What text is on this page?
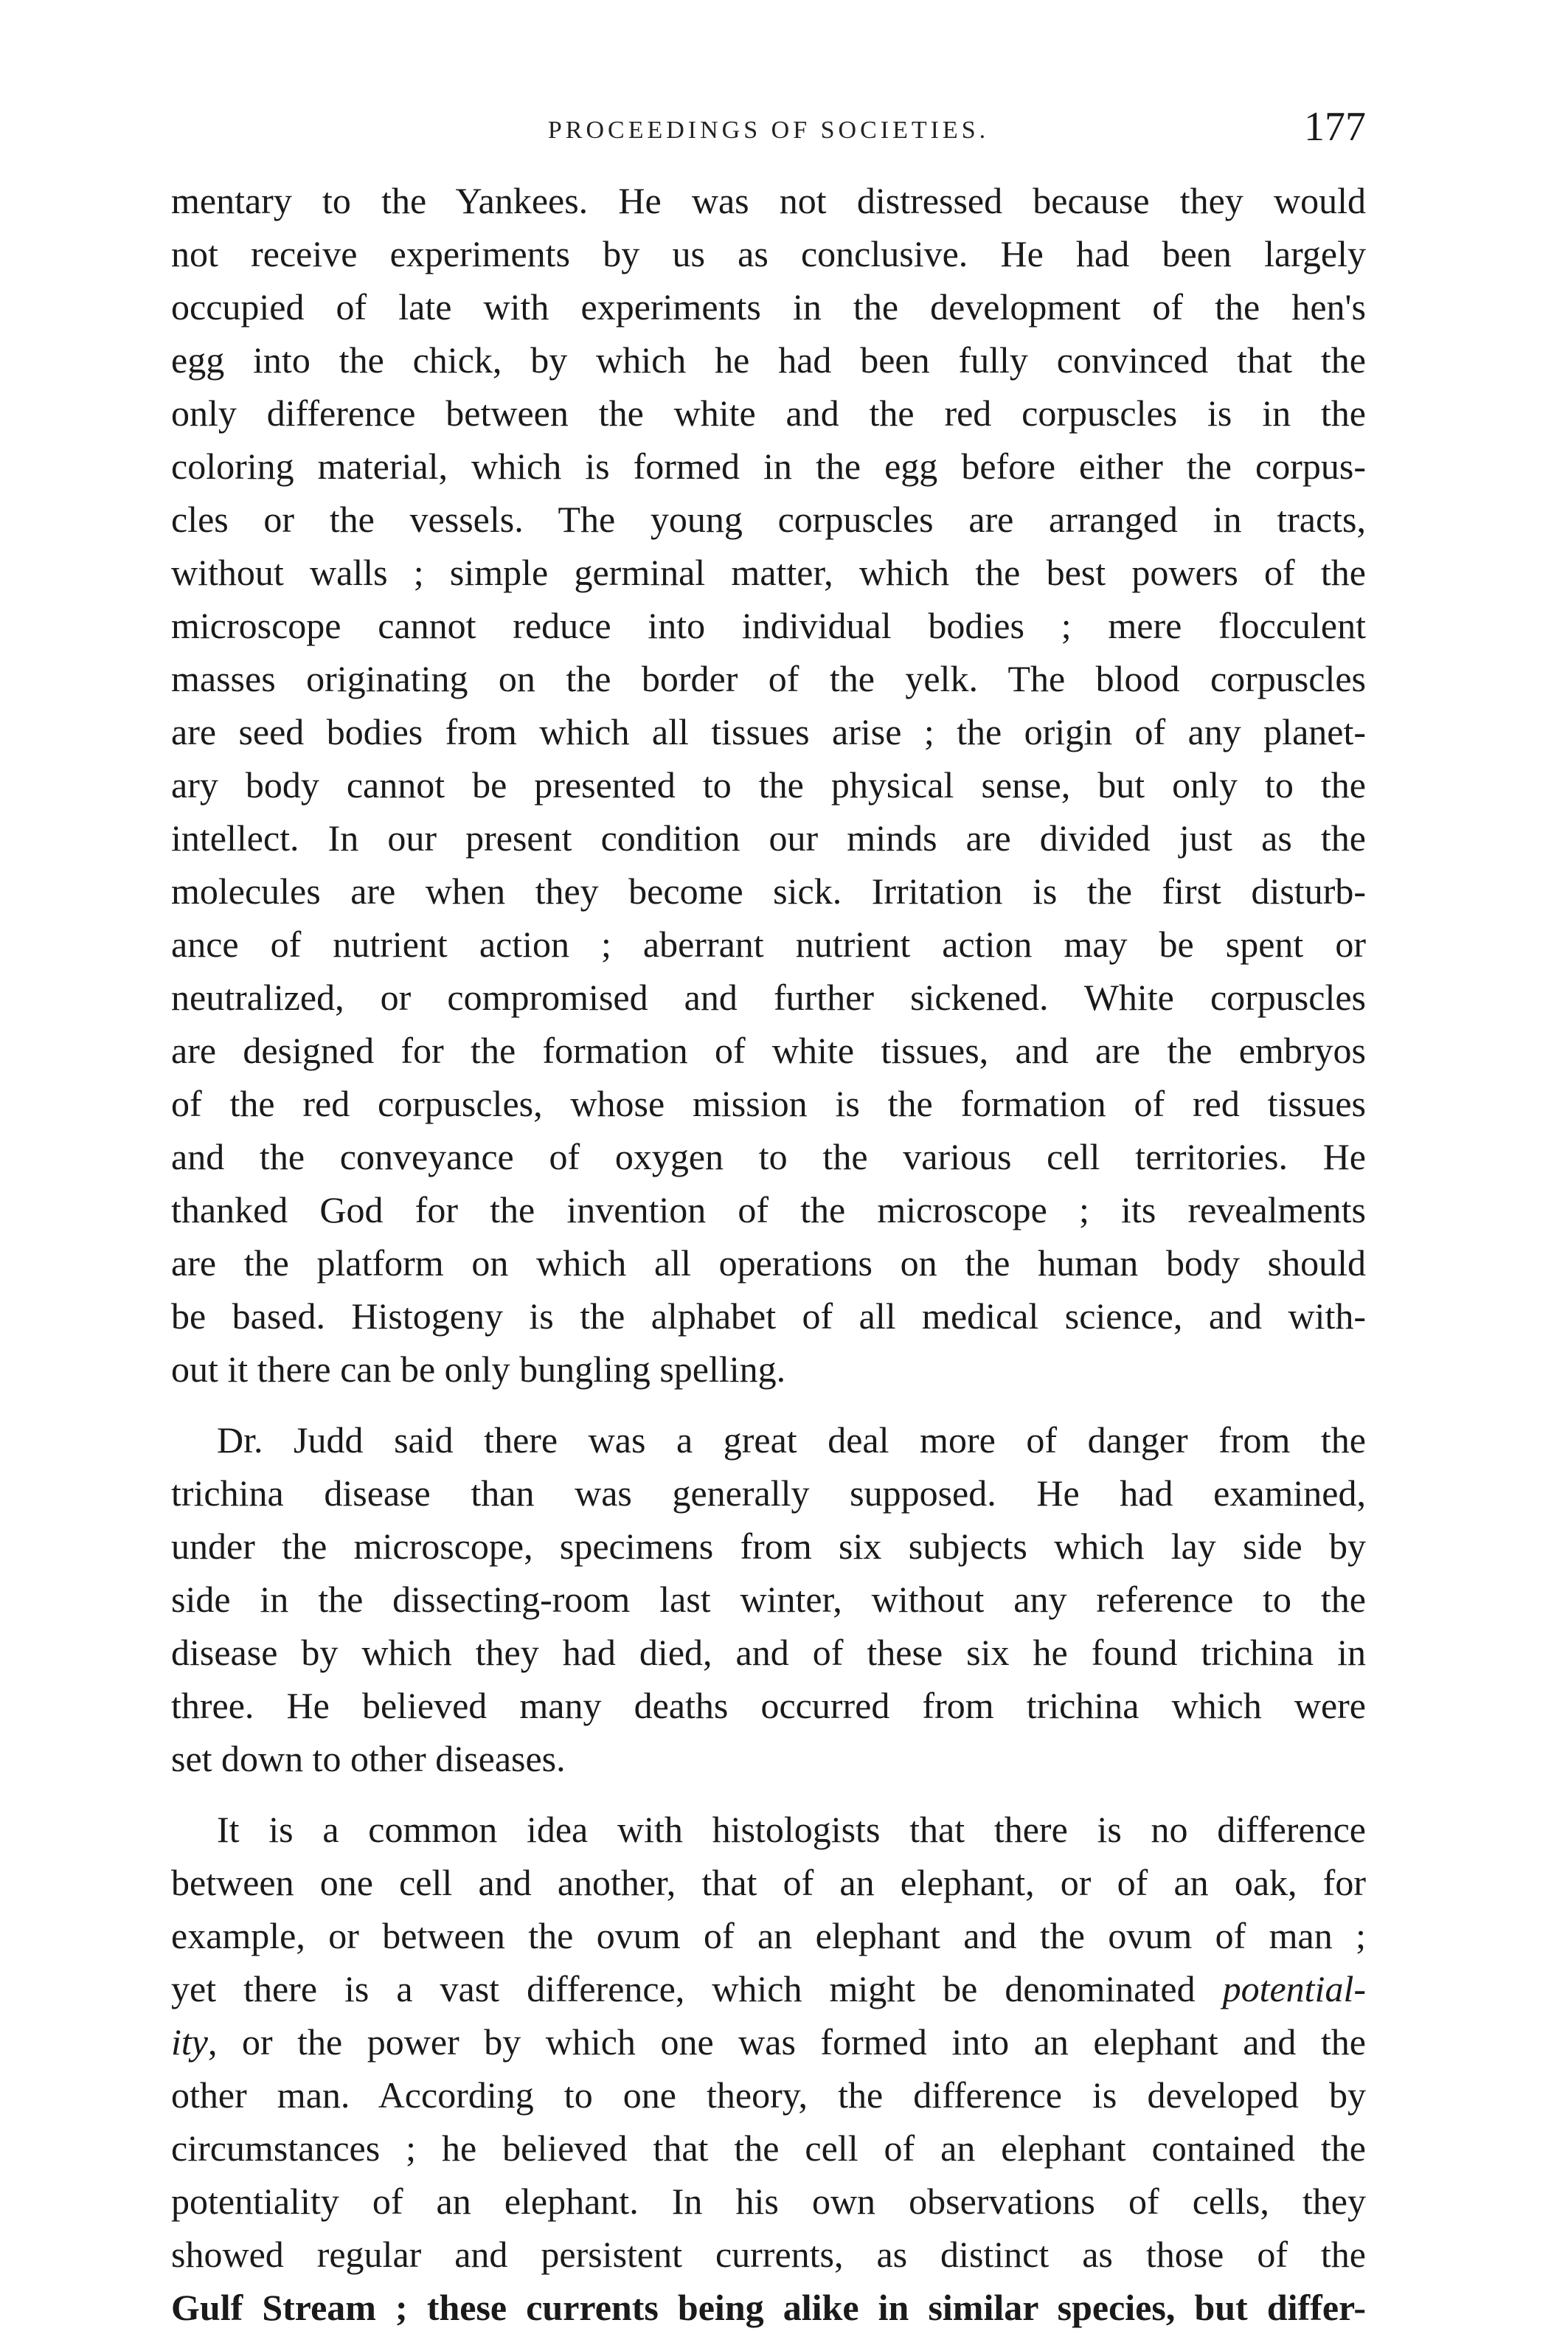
PROCEEDINGS OF SOCIETIES.	177
mentary to the Yankees. He was not distressed because they would
not receive experiments by us as conclusive. He had been largely
occupied of late with experiments in the development of the hen's
egg into the chick, by which he had been fully convinced that the
only difference between the white and the red corpuscles is in the
coloring material, which is formed in the egg before either the corpus-
cles or the vessels. The young corpuscles are arranged in tracts,
without walls ; simple germinal matter, which the best powers of the
microscope cannot reduce into individual bodies ; mere flocculent
masses originating on the border of the yelk. The blood corpuscles
are seed bodies from which all tissues arise ; the origin of any planet-
ary body cannot be presented to the physical sense, but only to the
intellect. In our present condition our minds are divided just as the
molecules are when they become sick. Irritation is the first disturb-
ance of nutrient action ; aberrant nutrient action may be spent or
neutralized, or compromised and further sickened. White corpuscles
are designed for the formation of white tissues, and are the embryos
of the red corpuscles, whose mission is the formation of red tissues
and the conveyance of oxygen to the various cell territories. He
thanked God for the invention of the microscope ; its revealments
are the platform on which all operations on the human body should
be based. Histogeny is the alphabet of all medical science, and with-
out it there can be only bungling spelling.
Dr. Judd said there was a great deal more of danger from the
trichina disease than was generally supposed. He had examined,
under the microscope, specimens from six subjects which lay side by
side in the dissecting-room last winter, without any reference to the
disease by which they had died, and of these six he found trichina in
three. He believed many deaths occurred from trichina which were
set down to other diseases.
It is a common idea with histologists that there is no difference
between one cell and another, that of an elephant, or of an oak, for
example, or between the ovum of an elephant and the ovum of man ;
yet there is a vast difference, which might be denominated potential-
ity, or the power by which one was formed into an elephant and the
other man. According to one theory, the difference is developed by
circumstances ; he believed that the cell of an elephant contained the
potentiality of an elephant. In his own observations of cells, they
showed regular and persistent currents, as distinct as those of the
Gulf Stream ; these currents being alike in similar species, but differ-
